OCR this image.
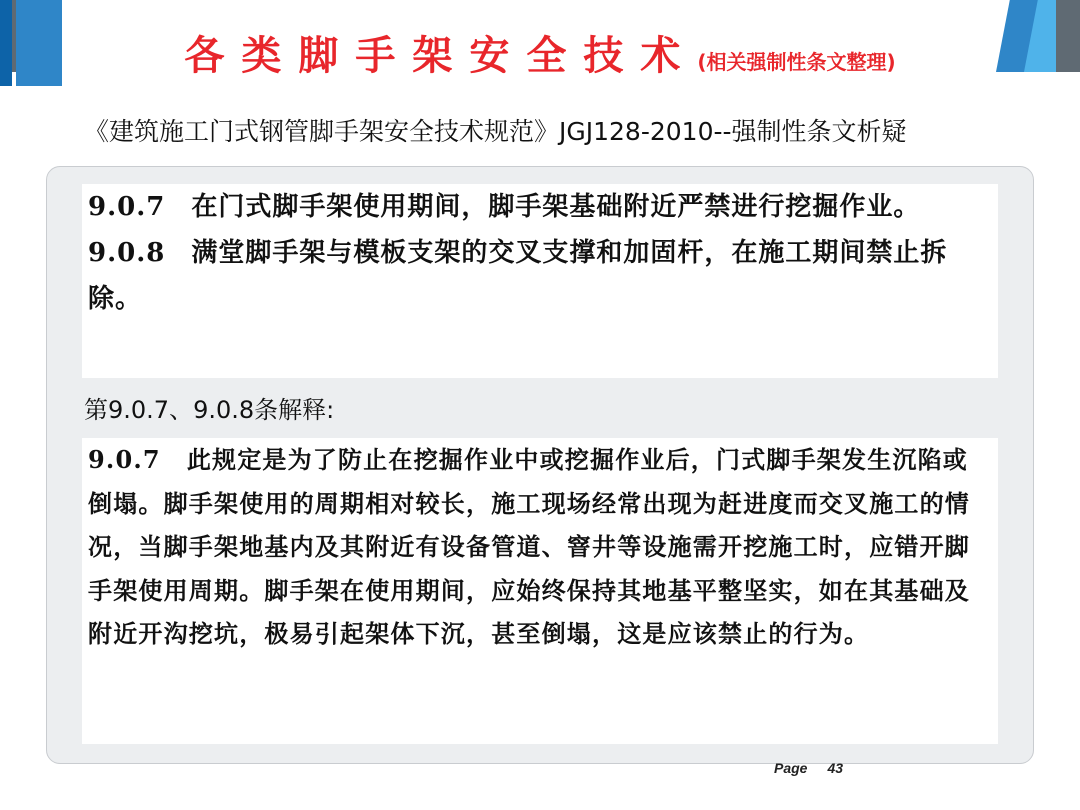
各类脚手架安全技术(相关强制性条文整理)
《建筑施工门式钢管脚手架安全技术规范》JGJ128-2010--强制性条文析疑

9.0.7 在门式脚手架使用期间，脚手架基础附近严禁进行挖掘作业。

9.0.8 满堂脚手架与模板支架的交叉支撑和加固杆，在施工期间禁止拆除。

第9.0.7、9.0.8条解释:

9.0.7 此规定是为了防止在挖掘作业中或挖掘作业后，门式脚手架发生沉陷或倒塌。脚手架使用的周期相对较长，施工现场经常出现为赶进度而交叉施工的情况，当脚手架地基内及其附近有设备管道、窨井等设施需开挖施工时，应错开脚手架使用周期。脚手架在使用期间，应始终保持其地基平整坚实，如在其基础及附近开沟挖坑，极易引起架体下沉，甚至倒塌，这是应该禁止的行为。

Page 43
